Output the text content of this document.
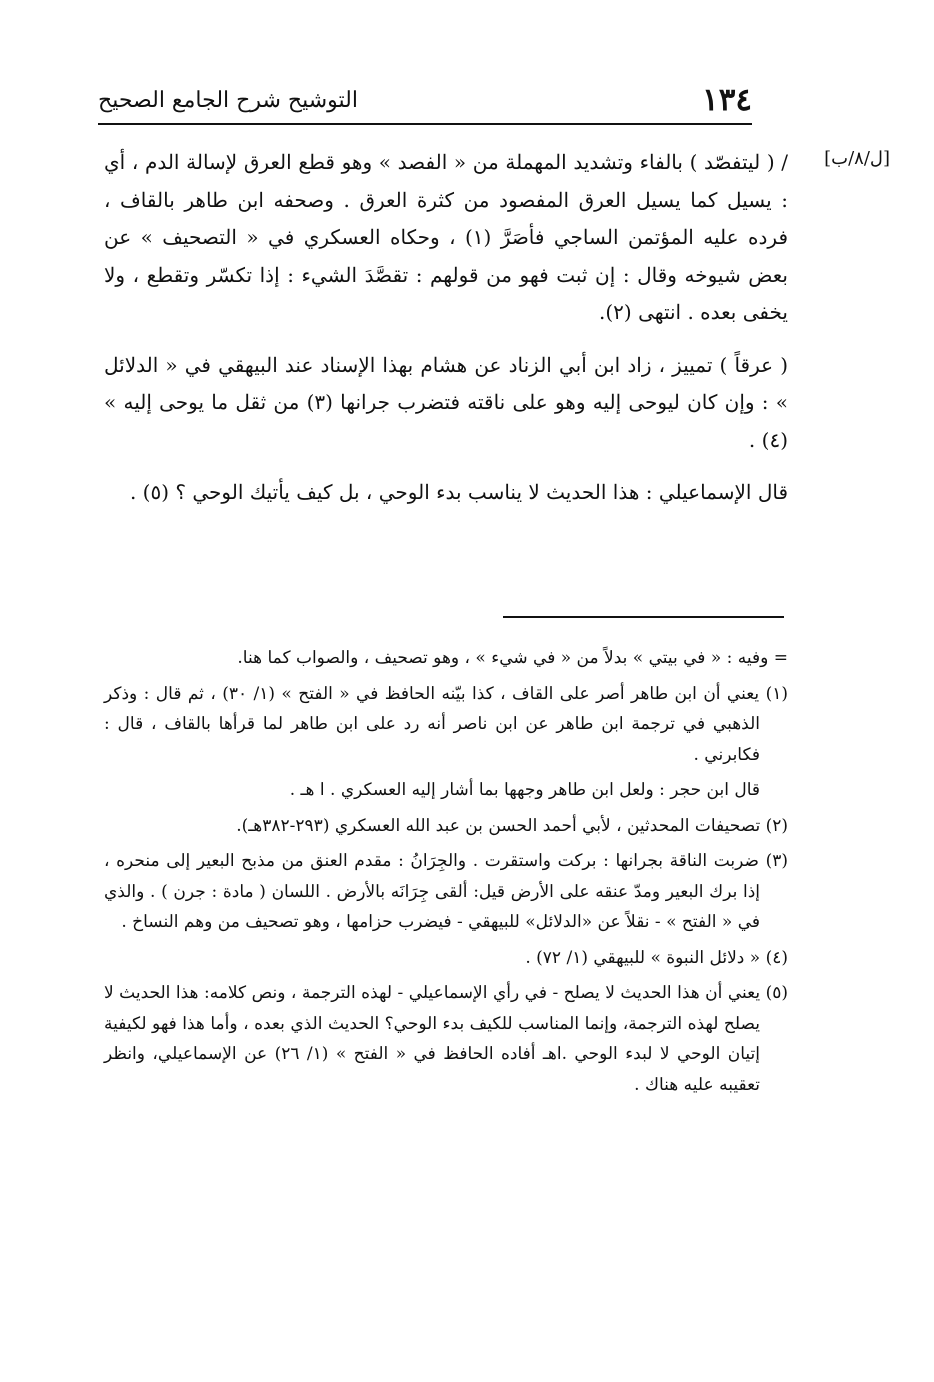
١٣٤
التوشيح شرح الجامع الصحيح
[ل/٨/ب]

/ ( ليتفصّد ) بالفاء وتشديد المهملة من « الفصد » وهو قطع العرق لإسالة الدم ، أي : يسيل كما يسيل العرق المفصود من كثرة العرق . وصحفه ابن طاهر بالقاف ، فرده عليه المؤتمن الساجي فأصَرَّ (١) ، وحكاه العسكري في « التصحيف » عن بعض شيوخه وقال : إن ثبت فهو من قولهم : تقصَّدَ الشيء : إذا تكسّر وتقطع ، ولا يخفى بعده . انتهى (٢).

( عرقاً ) تمييز ، زاد ابن أبي الزناد عن هشام بهذا الإسناد عند البيهقي في « الدلائل » : وإن كان ليوحى إليه وهو على ناقته فتضرب جرانها (٣) من ثقل ما يوحى إليه » (٤) .

قال الإسماعيلي : هذا الحديث لا يناسب بدء الوحي ، بل كيف يأتيك الوحي ؟ (٥) .

= وفيه : « في بيتي » بدلاً من « في شيء » ، وهو تصحيف ، والصواب كما هنا.

(١) يعني أن ابن طاهر أصر على القاف ، كذا بيّنه الحافظ في « الفتح » (١/ ٣٠) ، ثم قال : وذكر الذهبي في ترجمة ابن طاهر عن ابن ناصر أنه رد على ابن طاهر لما قرأها بالقاف ، قال : فكابرني .

قال ابن حجر : ولعل ابن طاهر وجهها بما أشار إليه العسكري . ا هـ .

(٢) تصحيفات المحدثين ، لأبي أحمد الحسن بن عبد الله العسكري (٢٩٣-٣٨٢هـ).

(٣) ضربت الناقة بجرانها : بركت واستقرت . والجِرَانُ : مقدم العنق من مذبح البعير إلى منحره ، إذا برك البعير ومدّ عنقه على الأرض قيل: ألقى جِرَانَه بالأرض . اللسان ( مادة : جرن ) . والذي في « الفتح » - نقلاً عن «الدلائل» للبيهقي - فيضرب حزامها ، وهو تصحيف من وهم النساخ .

(٤) « دلائل النبوة » للبيهقي (١/ ٧٢) .

(٥) يعني أن هذا الحديث لا يصلح - في رأي الإسماعيلي - لهذه الترجمة ، ونص كلامه: هذا الحديث لا يصلح لهذه الترجمة، وإنما المناسب للكيف بدء الوحي؟ الحديث الذي بعده ، وأما هذا فهو لكيفية إتيان الوحي لا لبدء الوحي .اهـ أفاده الحافظ في « الفتح » (١/ ٢٦) عن الإسماعيلي، وانظر تعقيبه عليه هناك .
